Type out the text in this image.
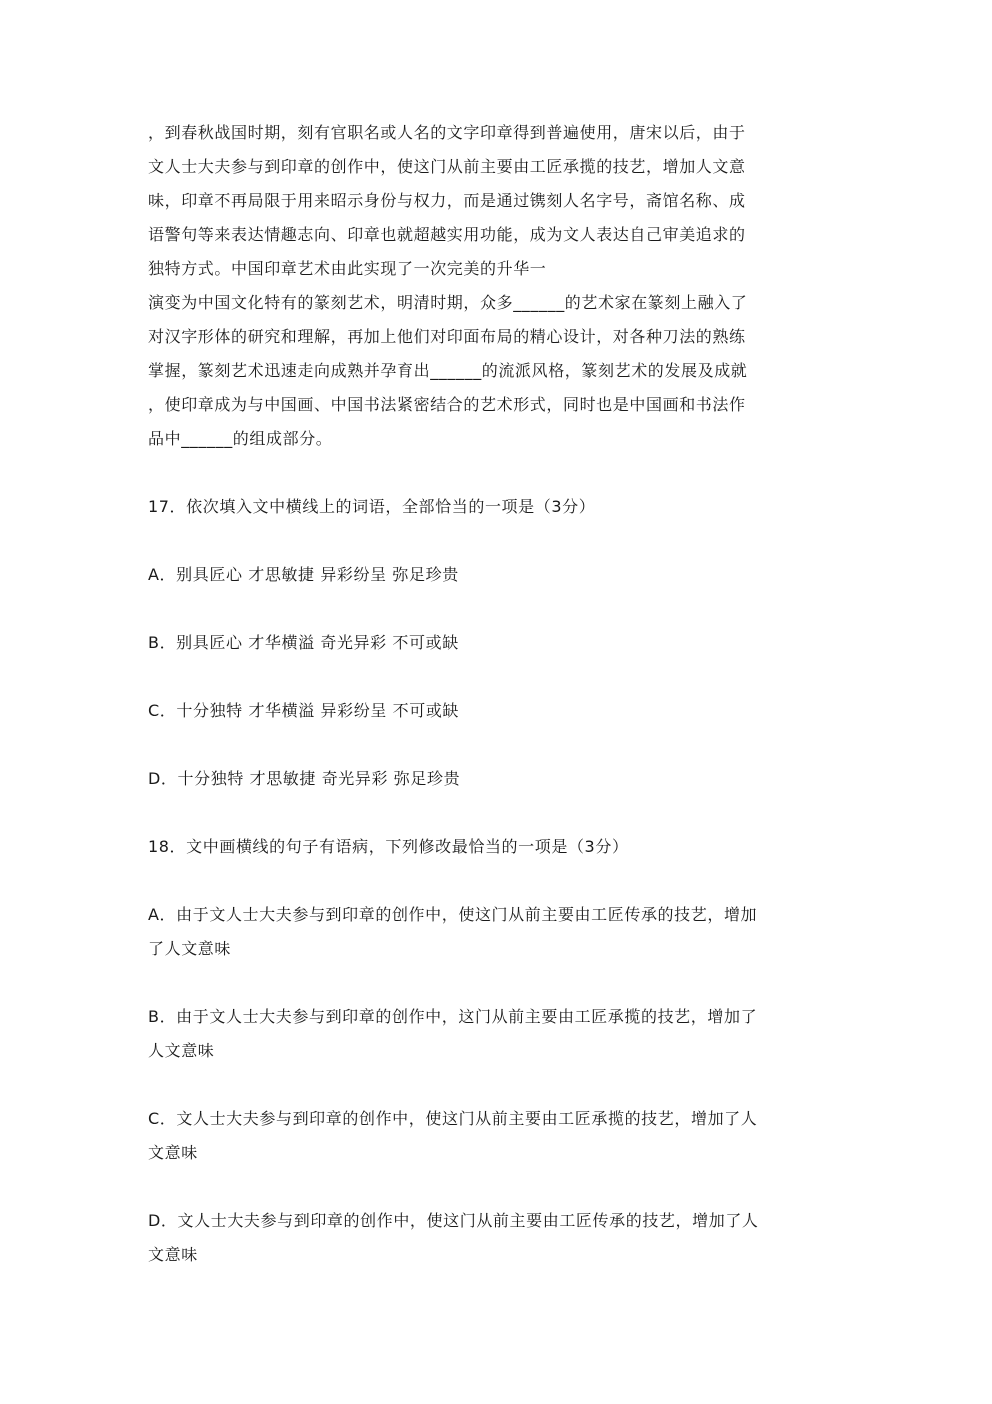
，到春秋战国时期，刻有官职名或人名的文字印章得到普遍使用，唐宋以后，由于

文人士大夫参与到印章的创作中，使这门从前主要由工匠承揽的技艺，增加人文意

味，印章不再局限于用来昭示身份与权力，而是通过镌刻人名字号，斋馆名称、成

语警句等来表达情趣志向、印章也就超越实用功能，成为文人表达自己审美追求的

独特方式。中国印章艺术由此实现了一次完美的升华一

演变为中国文化特有的篆刻艺术，明清时期，众多______的艺术家在篆刻上融入了

对汉字形体的研究和理解，再加上他们对印面布局的精心设计，对各种刀法的熟练

掌握，篆刻艺术迅速走向成熟并孕育出______的流派风格，篆刻艺术的发展及成就

，使印章成为与中国画、中国书法紧密结合的艺术形式，同时也是中国画和书法作

品中______的组成部分。

17．依次填入文中横线上的词语，全部恰当的一项是（3分）

A．别具匠心 才思敏捷 异彩纷呈 弥足珍贵

B．别具匠心 才华横溢 奇光异彩 不可或缺

C．十分独特 才华横溢 异彩纷呈 不可或缺

D．十分独特 才思敏捷 奇光异彩 弥足珍贵

18．文中画横线的句子有语病，下列修改最恰当的一项是（3分）

A．由于文人士大夫参与到印章的创作中，使这门从前主要由工匠传承的技艺，增加

了人文意味

B．由于文人士大夫参与到印章的创作中，这门从前主要由工匠承揽的技艺，增加了

人文意味

C．文人士大夫参与到印章的创作中，使这门从前主要由工匠承揽的技艺，增加了人

文意味

D．文人士大夫参与到印章的创作中，使这门从前主要由工匠传承的技艺，增加了人

文意味
